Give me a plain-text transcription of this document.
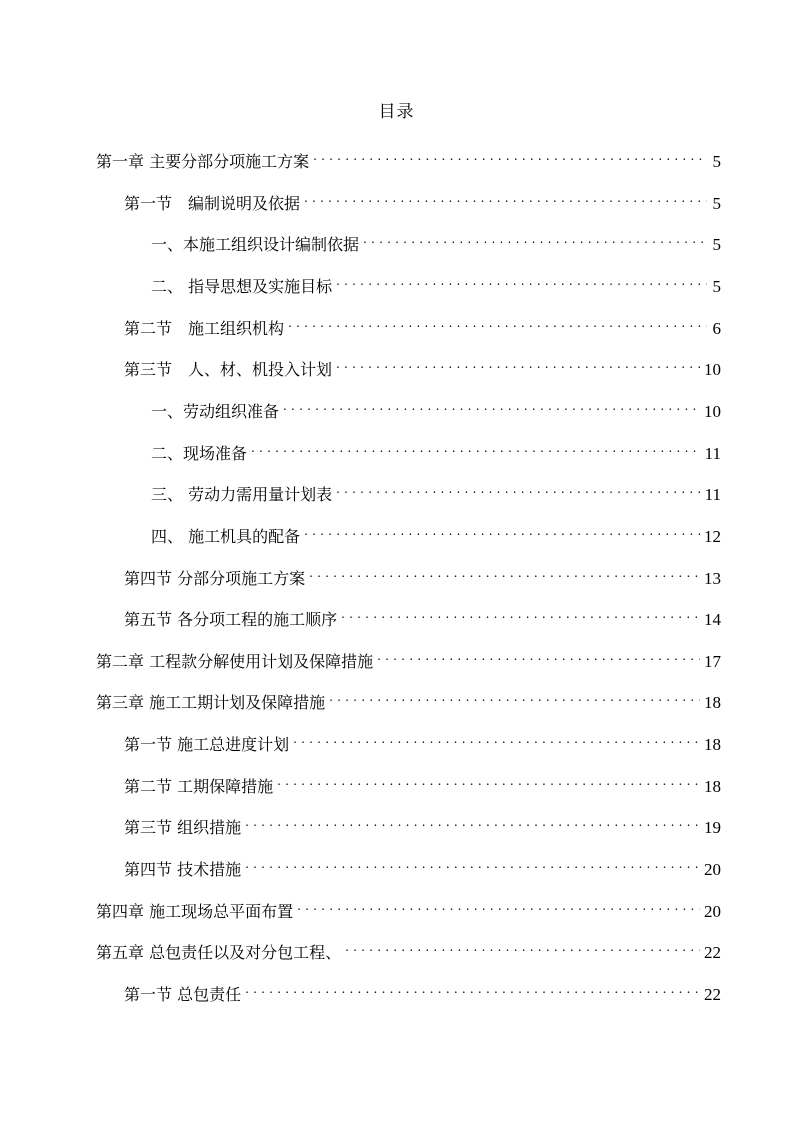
目录
第一章 主要分部分项施工方案 . . .	5
第一节　编制说明及依据 . . .	5
一、本施工组织设计编制依据 . . .	5
二、 指导思想及实施目标 . . .	5
第二节　施工组织机构 . . .	6
第三节　人、材、机投入计划 . . .	10
一、劳动组织准备 . . .	10
二、现场准备 . . .	11
三、 劳动力需用量计划表 . . .	11
四、 施工机具的配备 . . .	12
第四节 分部分项施工方案 . . .	13
第五节 各分项工程的施工顺序 . . .	14
第二章 工程款分解使用计划及保障措施 . . .	17
第三章 施工工期计划及保障措施 . . .	18
第一节 施工总进度计划 . . .	18
第二节 工期保障措施 . . .	18
第三节 组织措施 . . .	19
第四节 技术措施 . . .	20
第四章 施工现场总平面布置 . . .	20
第五章 总包责任以及对分包工程、 . . .	22
第一节 总包责任 . . .	22
